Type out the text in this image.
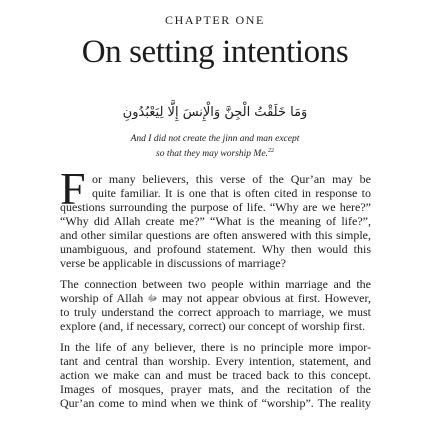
CHAPTER ONE
On setting intentions
وَمَا خَلَقْتُ الْجِنَّ وَالْإِنسَ إِلَّا لِيَعْبُدُونِ
And I did not create the jinn and man except
so that they may worship Me.$^{22}$
F or many believers, this verse of the Qur’an may be
quite familiar. It is one that is often cited in response to
questions surrounding the purpose of life. “Why are we here?”
“Why did Allah create me?” “What is the meaning of life?”,
and other similar questions are often answered with this simple,
unambiguous, and profound statement. Why then would this
verse be applicable in discussions of marriage?
The connection between two people within marriage and the
worship of Allah ﷻ may not appear obvious at first. However,
to truly understand the correct approach to marriage, we must
explore (and, if necessary, correct) our concept of worship first.
In the life of any believer, there is no principle more impor-
tant and central than worship. Every intention, statement, and
action we make can and must be traced back to this concept.
Images of mosques, prayer mats, and the recitation of the
Qur’an come to mind when we think of “worship”. The reality
